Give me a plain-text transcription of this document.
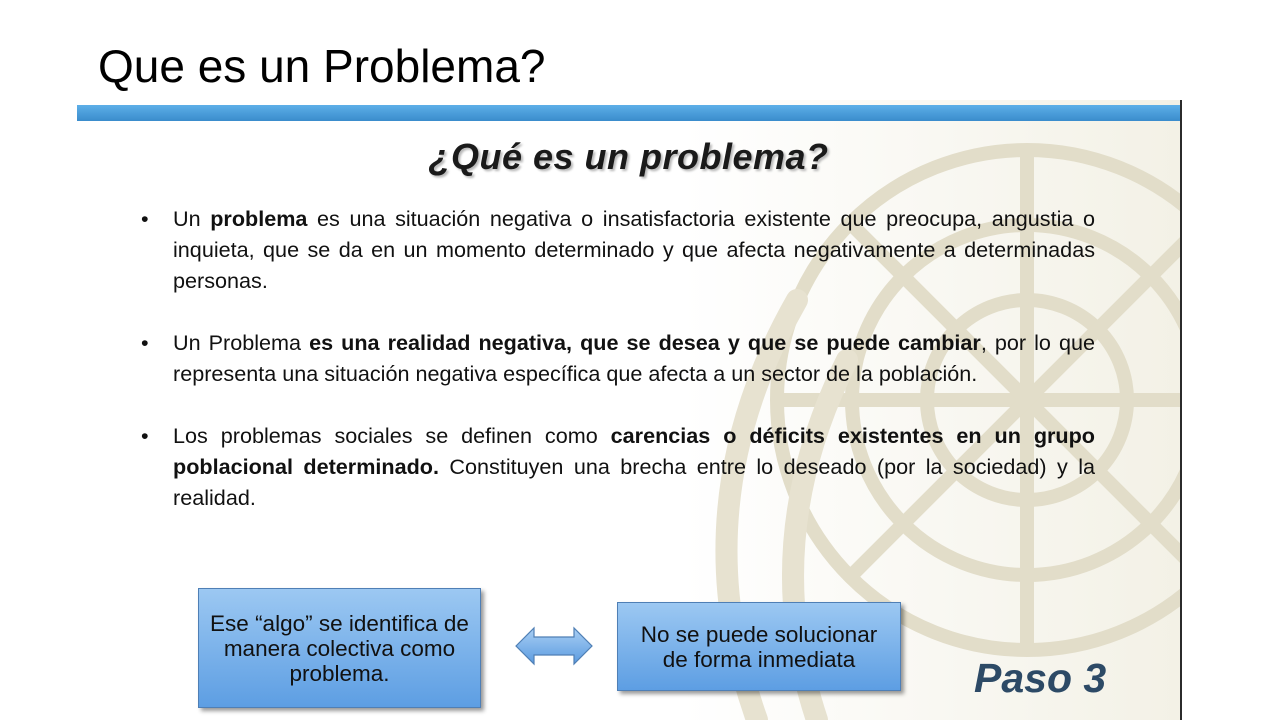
Que es un Problema?
¿Qué es un problema?
• Un problema es una situación negativa o insatisfactoria existente que preocupa, angustia o inquieta, que se da en un momento determinado y que afecta negativamente a determinadas personas.
• Un Problema es una realidad negativa, que se desea y que se puede cambiar, por lo que representa una situación negativa específica que afecta a un sector de la población.
• Los problemas sociales se definen como carencias o déficits existentes en un grupo poblacional determinado. Constituyen una brecha entre lo deseado (por la sociedad) y la realidad.
Ese “algo” se identifica de manera colectiva como problema.
No se puede solucionar de forma inmediata	Paso 3
